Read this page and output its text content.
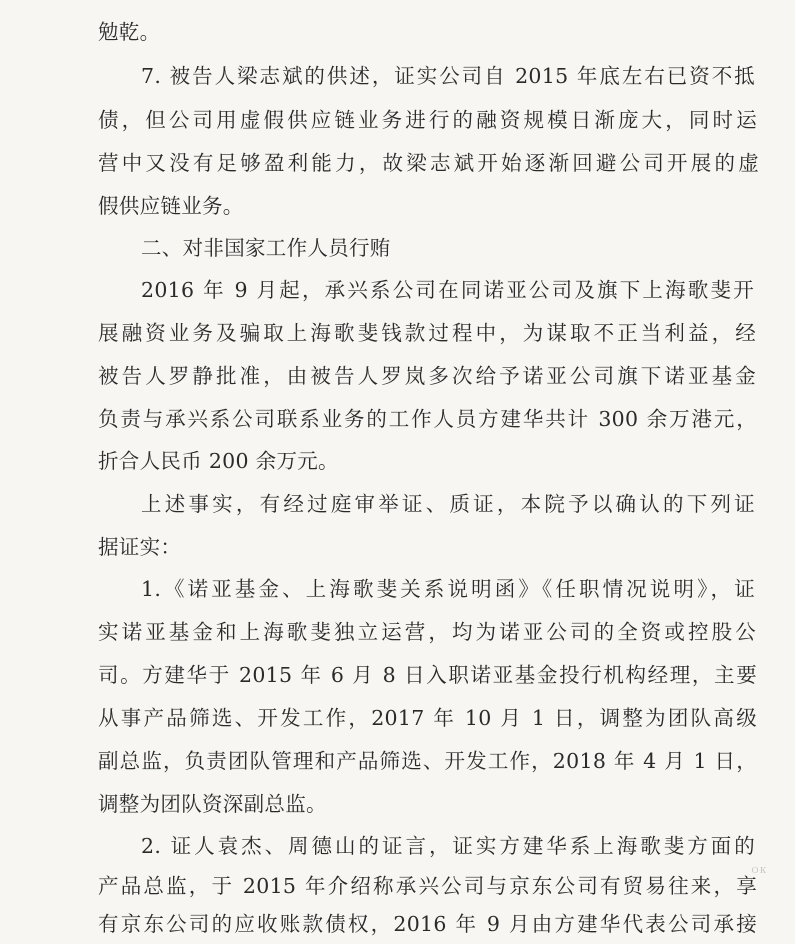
勉乾。
7. 被告人梁志斌的供述，证实公司自 2015 年底左右已资不抵
债，但公司用虚假供应链业务进行的融资规模日渐庞大，同时运
营中又没有足够盈利能力，故梁志斌开始逐渐回避公司开展的虚
假供应链业务。
二、对非国家工作人员行贿
2016 年 9 月起，承兴系公司在同诺亚公司及旗下上海歌斐开
展融资业务及骗取上海歌斐钱款过程中，为谋取不正当利益，经
被告人罗静批准，由被告人罗岚多次给予诺亚公司旗下诺亚基金
负责与承兴系公司联系业务的工作人员方建华共计 300 余万港元，
折合人民币 200 余万元。
上述事实，有经过庭审举证、质证，本院予以确认的下列证
据证实：
1.《诺亚基金、上海歌斐关系说明函》《任职情况说明》，证
实诺亚基金和上海歌斐独立运营，均为诺亚公司的全资或控股公
司。方建华于 2015 年 6 月 8 日入职诺亚基金投行机构经理，主要
从事产品筛选、开发工作，2017 年 10 月 1 日，调整为团队高级
副总监，负责团队管理和产品筛选、开发工作，2018 年 4 月 1 日，
调整为团队资深副总监。
2. 证人袁杰、周德山的证言，证实方建华系上海歌斐方面的
产品总监，于 2015 年介绍称承兴公司与京东公司有贸易往来，享
有京东公司的应收账款债权，2016 年 9 月由方建华代表公司承接
ＯＫ
